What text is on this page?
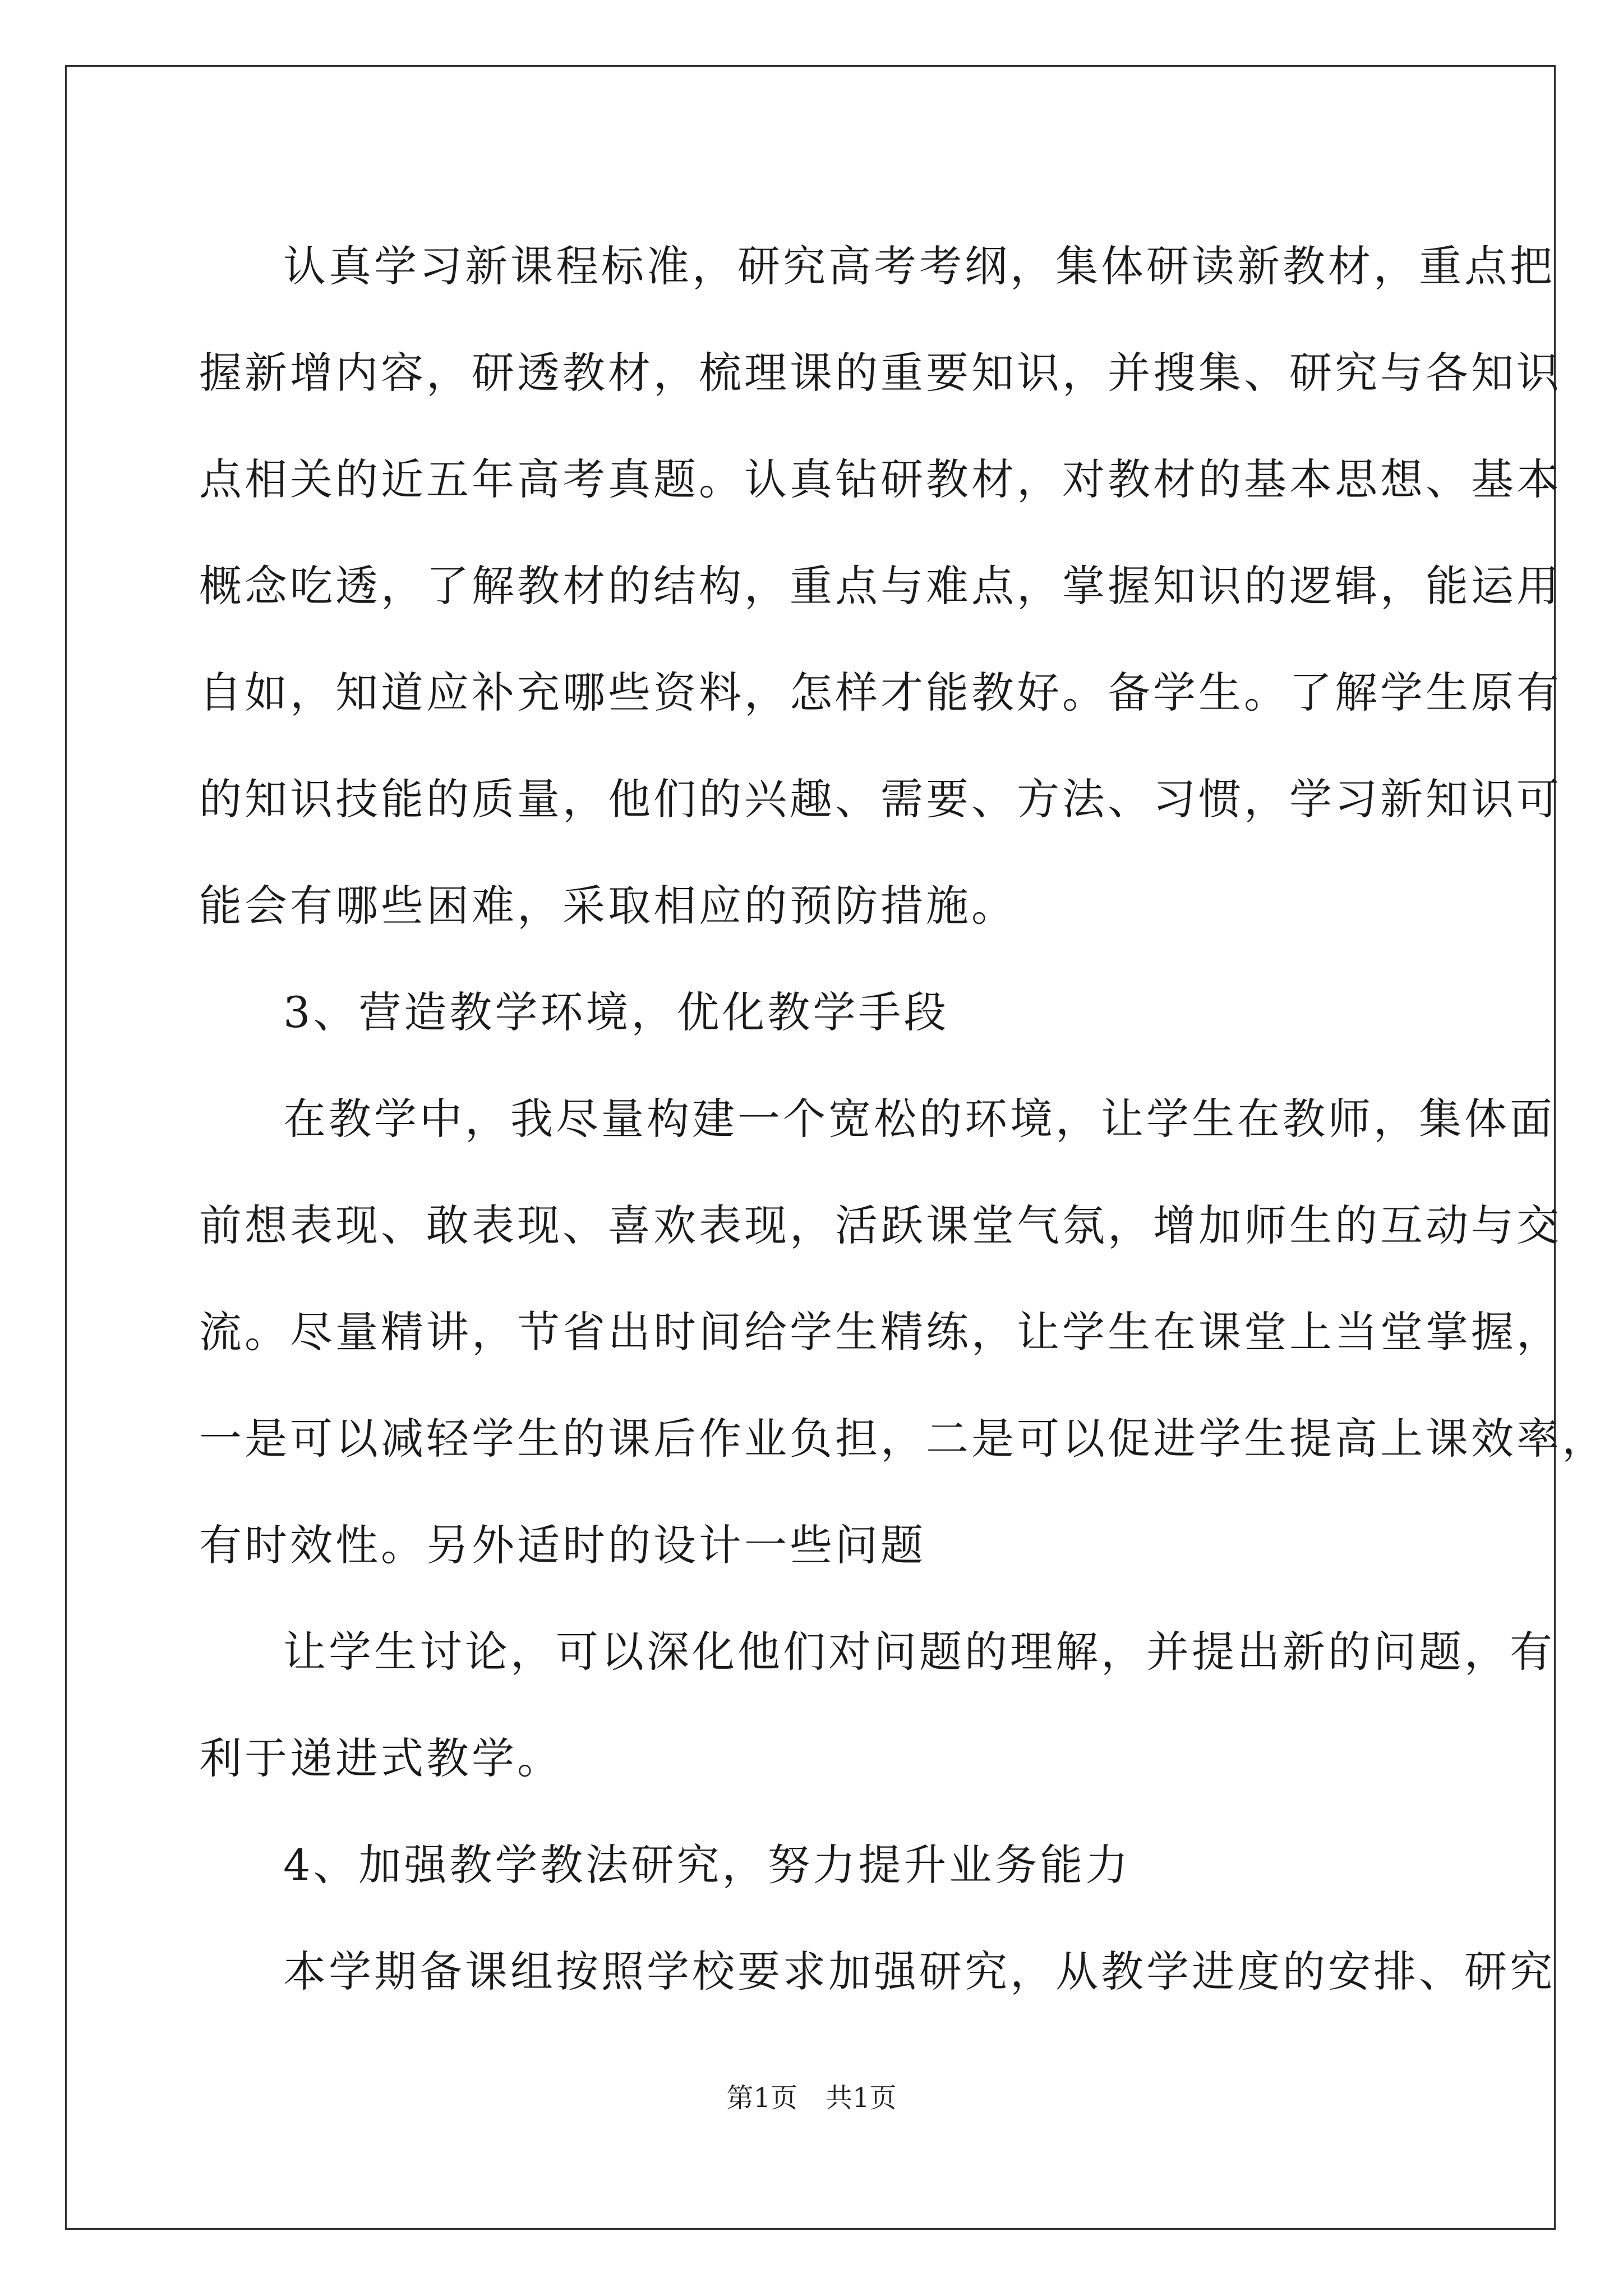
认真学习新课程标准，研究高考考纲，集体研读新教材，重点把
握新增内容，研透教材，梳理课的重要知识，并搜集、研究与各知识
点相关的近五年高考真题。认真钻研教材，对教材的基本思想、基本
概念吃透，了解教材的结构，重点与难点，掌握知识的逻辑，能运用
自如，知道应补充哪些资料，怎样才能教好。备学生。了解学生原有
的知识技能的质量，他们的兴趣、需要、方法、习惯，学习新知识可
能会有哪些困难，采取相应的预防措施。
3、营造教学环境，优化教学手段
在教学中，我尽量构建一个宽松的环境，让学生在教师，集体面
前想表现、敢表现、喜欢表现，活跃课堂气氛，增加师生的互动与交
流。尽量精讲，节省出时间给学生精练，让学生在课堂上当堂掌握，
一是可以减轻学生的课后作业负担，二是可以促进学生提高上课效率，
有时效性。另外适时的设计一些问题
让学生讨论，可以深化他们对问题的理解，并提出新的问题，有
利于递进式教学。
4、加强教学教法研究，努力提升业务能力
本学期备课组按照学校要求加强研究，从教学进度的安排、研究
第1页 共1页
